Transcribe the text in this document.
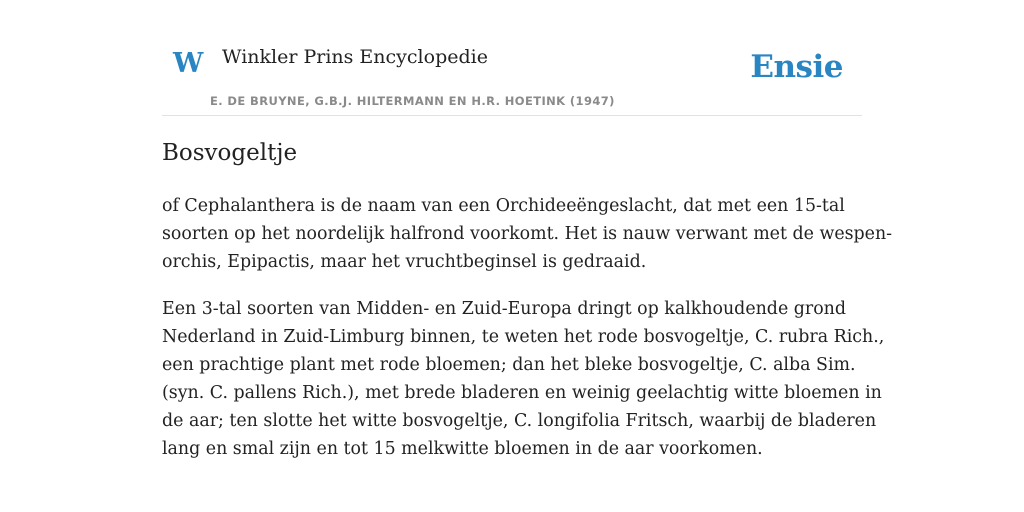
W Winkler Prins Encyclopedie
E. DE BRUYNE, G.B.J. HILTERMANN EN H.R. HOETINK (1947)
Ensie
Bosvogeltje

of Cephalanthera is de naam van een Orchideeëngeslacht, dat met een 15-tal

soorten op het noordelijk halfrond voorkomt. Het is nauw verwant met de wespen-

orchis, Epipactis, maar het vruchtbeginsel is gedraaid.

Een 3-tal soorten van Midden- en Zuid-Europa dringt op kalkhoudende grond

Nederland in Zuid-Limburg binnen, te weten het rode bosvogeltje, C. rubra Rich.,

een prachtige plant met rode bloemen; dan het bleke bosvogeltje, C. alba Sim.

(syn. C. pallens Rich.), met brede bladeren en weinig geelachtig witte bloemen in

de aar; ten slotte het witte bosvogeltje, C. longifolia Fritsch, waarbij de bladeren

lang en smal zijn en tot 15 melkwitte bloemen in de aar voorkomen.
